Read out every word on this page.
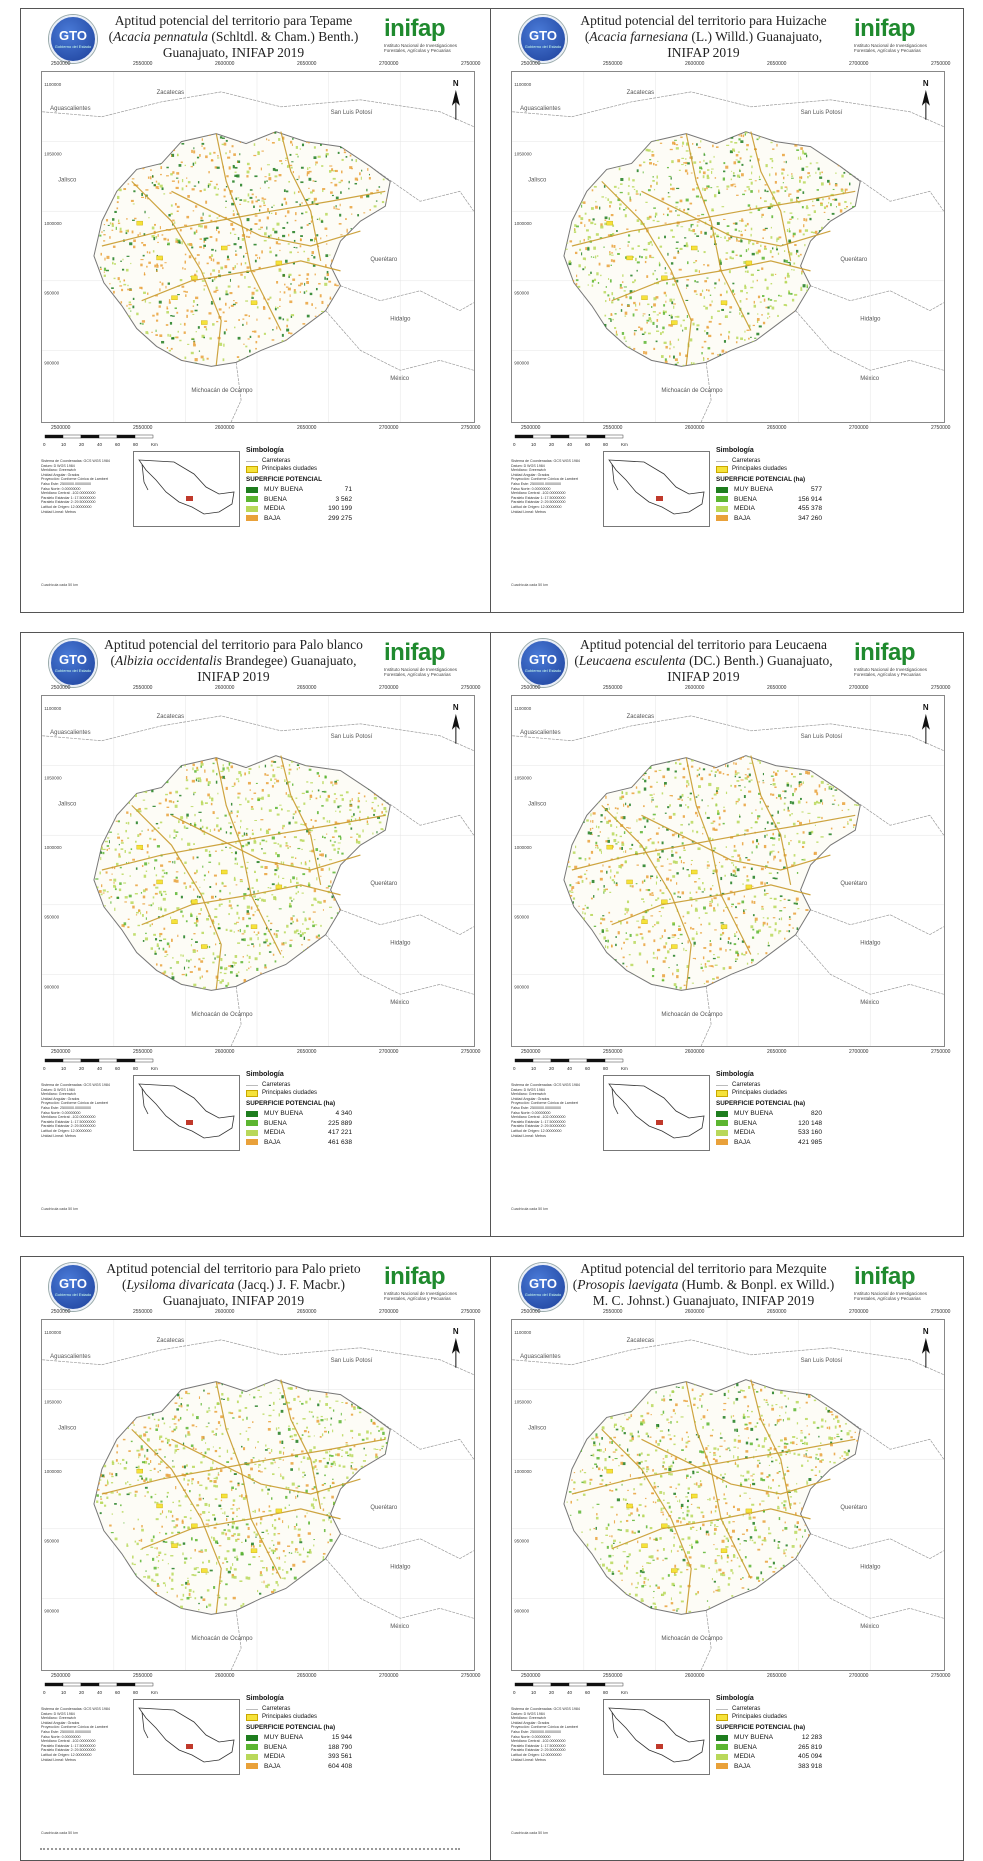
GTO
Gobierno del Estado
Aptitud potencial del territorio para Tepame (Acacia pennatula (Schltdl. & Cham.) Benth.) Guanajuato, INIFAP 2019
inifap
Instituto Nacional de Investigaciones Forestales, Agrícolas y Pecuarias
2500000
2500000
2550000
2550000
2600000
2600000
2650000
2650000
2700000
2700000
2750000
2750000
1100000
1050000
1000000
950000
900000
Zacatecas
Aguascalientes
San Luis Potosí
Jalisco
Querétaro
Hidalgo
México
Michoacán de Ocampo
N
0	10	20	40	60	80	Km
Sistema de Coordenadas: GCS WGS 1984
Datum: D WGS 1984
Meridiano: Greenwich
Unidad Angular: Grados
Proyección: Conforme Cónica de Lambert
Falso Este: 2500000.00000000
Falso Norte: 0.00000000
Meridiano Central: -102.00000000
Paralelo Estándar 1: 17.50000000
Paralelo Estándar 2: 29.50000000
Latitud de Origen: 12.00000000
Unidad Lineal: Metros
Simbología
Carreteras
Principales ciudades
SUPERFICIE POTENCIAL
MUY BUENA	71
BUENA	3 562
MEDIA	190 199
BAJA	299 275
Cuadrícula cada 50 km
GTO
Gobierno del Estado
Aptitud potencial del territorio para Huizache (Acacia farnesiana (L.) Willd.) Guanajuato, INIFAP 2019
inifap
Instituto Nacional de Investigaciones Forestales, Agrícolas y Pecuarias
2500000
2500000
2550000
2550000
2600000
2600000
2650000
2650000
2700000
2700000
2750000
2750000
1100000
1050000
1000000
950000
900000
Zacatecas
Aguascalientes
San Luis Potosí
Jalisco
Querétaro
Hidalgo
México
Michoacán de Ocampo
N
0	10	20	40	60	80	Km
Sistema de Coordenadas: GCS WGS 1984
Datum: D WGS 1984
Meridiano: Greenwich
Unidad Angular: Grados
Proyección: Conforme Cónica de Lambert
Falso Este: 2500000.00000000
Falso Norte: 0.00000000
Meridiano Central: -102.00000000
Paralelo Estándar 1: 17.50000000
Paralelo Estándar 2: 29.50000000
Latitud de Origen: 12.00000000
Unidad Lineal: Metros
Simbología
Carreteras
Principales ciudades
SUPERFICIE POTENCIAL (ha)
MUY BUENA	577
BUENA	156 914
MEDIA	455 378
BAJA	347 260
Cuadrícula cada 50 km
GTO
Gobierno del Estado
Aptitud potencial del territorio para Palo blanco (Albizia occidentalis Brandegee) Guanajuato, INIFAP 2019
inifap
Instituto Nacional de Investigaciones Forestales, Agrícolas y Pecuarias
2500000
2500000
2550000
2550000
2600000
2600000
2650000
2650000
2700000
2700000
2750000
2750000
1100000
1050000
1000000
950000
900000
Zacatecas
Aguascalientes
San Luis Potosí
Jalisco
Querétaro
Hidalgo
México
Michoacán de Ocampo
N
0	10	20	40	60	80	Km
Sistema de Coordenadas: GCS WGS 1984
Datum: D WGS 1984
Meridiano: Greenwich
Unidad Angular: Grados
Proyección: Conforme Cónica de Lambert
Falso Este: 2500000.00000000
Falso Norte: 0.00000000
Meridiano Central: -102.00000000
Paralelo Estándar 1: 17.50000000
Paralelo Estándar 2: 29.50000000
Latitud de Origen: 12.00000000
Unidad Lineal: Metros
Simbología
Carreteras
Principales ciudades
SUPERFICIE POTENCIAL (ha)
MUY BUENA	4 340
BUENA	225 889
MEDIA	417 221
BAJA	461 638
Cuadrícula cada 50 km
GTO
Gobierno del Estado
Aptitud potencial del territorio para Leucaena (Leucaena esculenta (DC.) Benth.) Guanajuato, INIFAP 2019
inifap
Instituto Nacional de Investigaciones Forestales, Agrícolas y Pecuarias
2500000
2500000
2550000
2550000
2600000
2600000
2650000
2650000
2700000
2700000
2750000
2750000
1100000
1050000
1000000
950000
900000
Zacatecas
Aguascalientes
San Luis Potosí
Jalisco
Querétaro
Hidalgo
México
Michoacán de Ocampo
N
0	10	20	40	60	80	Km
Sistema de Coordenadas: GCS WGS 1984
Datum: D WGS 1984
Meridiano: Greenwich
Unidad Angular: Grados
Proyección: Conforme Cónica de Lambert
Falso Este: 2500000.00000000
Falso Norte: 0.00000000
Meridiano Central: -102.00000000
Paralelo Estándar 1: 17.50000000
Paralelo Estándar 2: 29.50000000
Latitud de Origen: 12.00000000
Unidad Lineal: Metros
Simbología
Carreteras
Principales ciudades
SUPERFICIE POTENCIAL (ha)
MUY BUENA	820
BUENA	120 148
MEDIA	533 160
BAJA	421 985
Cuadrícula cada 50 km
GTO
Gobierno del Estado
Aptitud potencial del territorio para Palo prieto (Lysiloma divaricata (Jacq.) J. F. Macbr.) Guanajuato, INIFAP 2019
inifap
Instituto Nacional de Investigaciones Forestales, Agrícolas y Pecuarias
2500000
2500000
2550000
2550000
2600000
2600000
2650000
2650000
2700000
2700000
2750000
2750000
1100000
1050000
1000000
950000
900000
Zacatecas
Aguascalientes
San Luis Potosí
Jalisco
Querétaro
Hidalgo
México
Michoacán de Ocampo
N
0	10	20	40	60	80	Km
Sistema de Coordenadas: GCS WGS 1984
Datum: D WGS 1984
Meridiano: Greenwich
Unidad Angular: Grados
Proyección: Conforme Cónica de Lambert
Falso Este: 2500000.00000000
Falso Norte: 0.00000000
Meridiano Central: -102.00000000
Paralelo Estándar 1: 17.50000000
Paralelo Estándar 2: 29.50000000
Latitud de Origen: 12.00000000
Unidad Lineal: Metros
Simbología
Carreteras
Principales ciudades
SUPERFICIE POTENCIAL (ha)
MUY BUENA	15 944
BUENA	188 790
MEDIA	393 561
BAJA	604 408
Cuadrícula cada 50 km
GTO
Gobierno del Estado
Aptitud potencial del territorio para Mezquite (Prosopis laevigata (Humb. & Bonpl. ex Willd.) M. C. Johnst.) Guanajuato, INIFAP 2019
inifap
Instituto Nacional de Investigaciones Forestales, Agrícolas y Pecuarias
2500000
2500000
2550000
2550000
2600000
2600000
2650000
2650000
2700000
2700000
2750000
2750000
1100000
1050000
1000000
950000
900000
Zacatecas
Aguascalientes
San Luis Potosí
Jalisco
Querétaro
Hidalgo
México
Michoacán de Ocampo
N
0	10	20	40	60	80	Km
Sistema de Coordenadas: GCS WGS 1984
Datum: D WGS 1984
Meridiano: Greenwich
Unidad Angular: Grados
Proyección: Conforme Cónica de Lambert
Falso Este: 2500000.00000000
Falso Norte: 0.00000000
Meridiano Central: -102.00000000
Paralelo Estándar 1: 17.50000000
Paralelo Estándar 2: 29.50000000
Latitud de Origen: 12.00000000
Unidad Lineal: Metros
Simbología
Carreteras
Principales ciudades
SUPERFICIE POTENCIAL (ha)
MUY BUENA	12 283
BUENA	265 819
MEDIA	405 094
BAJA	383 918
Cuadrícula cada 50 km
